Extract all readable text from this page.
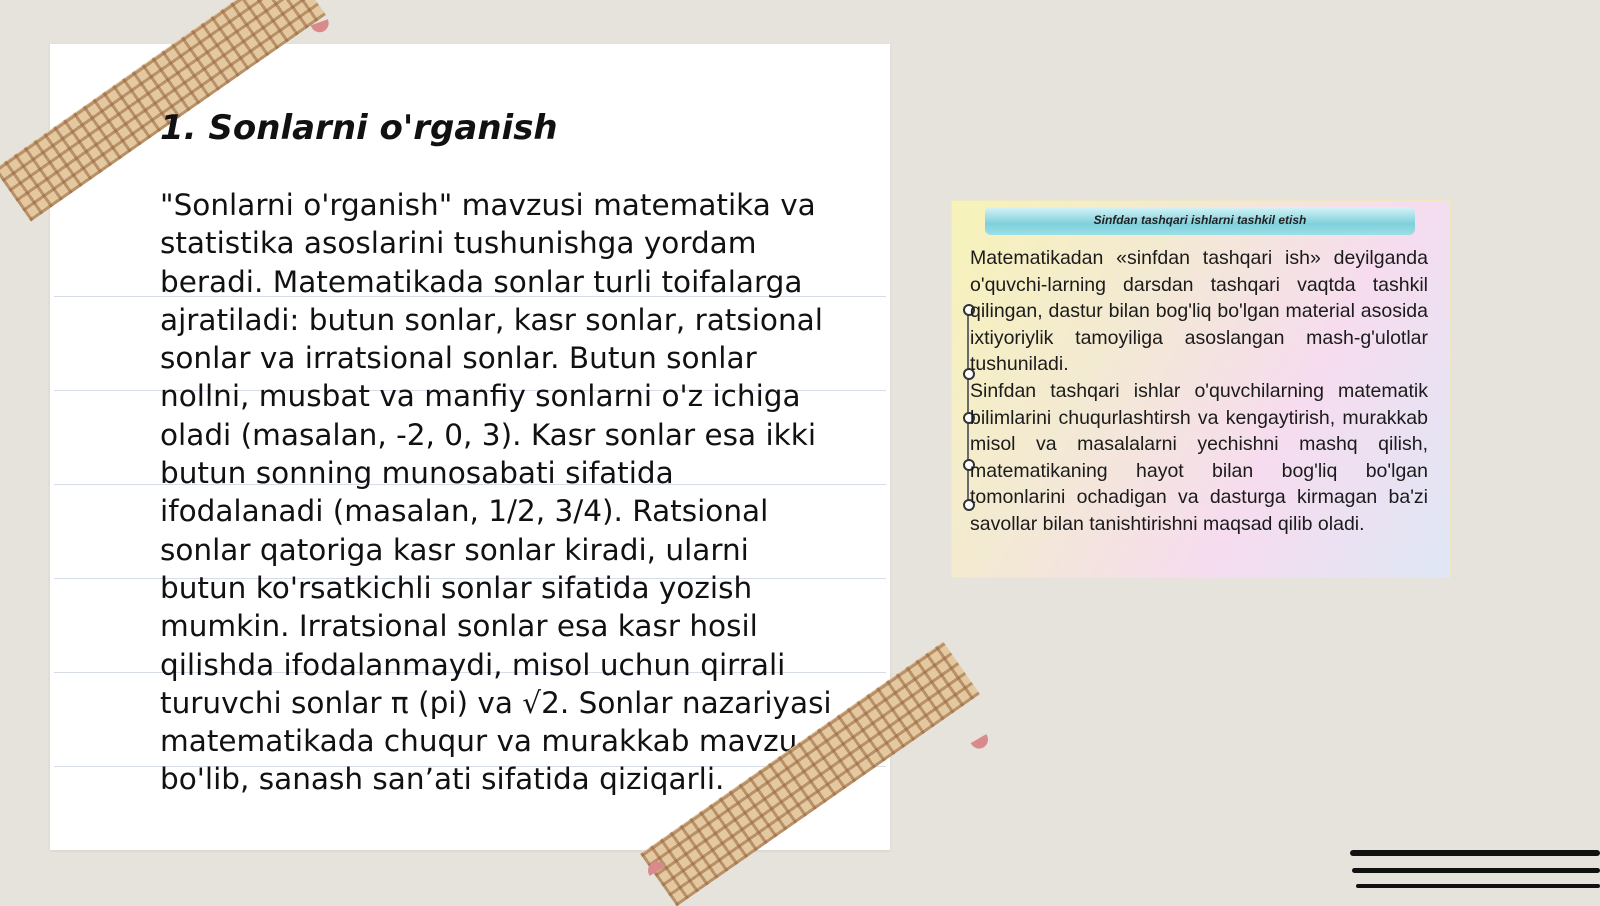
1. Sonlarni o'rganish

"Sonlarni o'rganish" mavzusi matematika va statistika asoslarini tushunishga yordam beradi. Matematikada sonlar turli toifalarga ajratiladi: butun sonlar, kasr sonlar, ratsional sonlar va irratsional sonlar. Butun sonlar nollni, musbat va manfiy sonlarni o'z ichiga oladi (masalan, -2, 0, 3). Kasr sonlar esa ikki butun sonning munosabati sifatida ifodalanadi (masalan, 1/2, 3/4). Ratsional sonlar qatoriga kasr sonlar kiradi, ularni butun ko'rsatkichli sonlar sifatida yozish mumkin. Irratsional sonlar esa kasr hosil qilishda ifodalanmaydi, misol uchun qirrali turuvchi sonlar π (pi) va √2. Sonlar nazariyasi matematikada chuqur va murakkab mavzu bo'lib, sanash san’ati sifatida qiziqarli.

Sinfdan tashqari ishlarni tashkil etish

Matematikadan «sinfdan tashqari ish» deyilganda o'quvchi-larning darsdan tashqari vaqtda tashkil qilingan, dastur bilan bog'liq bo'lgan material asosida ixtiyoriylik tamoyiliga asoslangan mash-g'ulotlar tushuniladi.
Sinfdan tashqari ishlar o'quvchilarning matematik bilimlarini chuqurlashtirsh va kengaytirish, murakkab misol va masalalarni yechishni mashq qilish, matematikaning hayot bilan bog'liq bo'lgan tomonlarini ochadigan va dasturga kirmagan ba'zi savollar bilan tanishtirishni maqsad qilib oladi.
